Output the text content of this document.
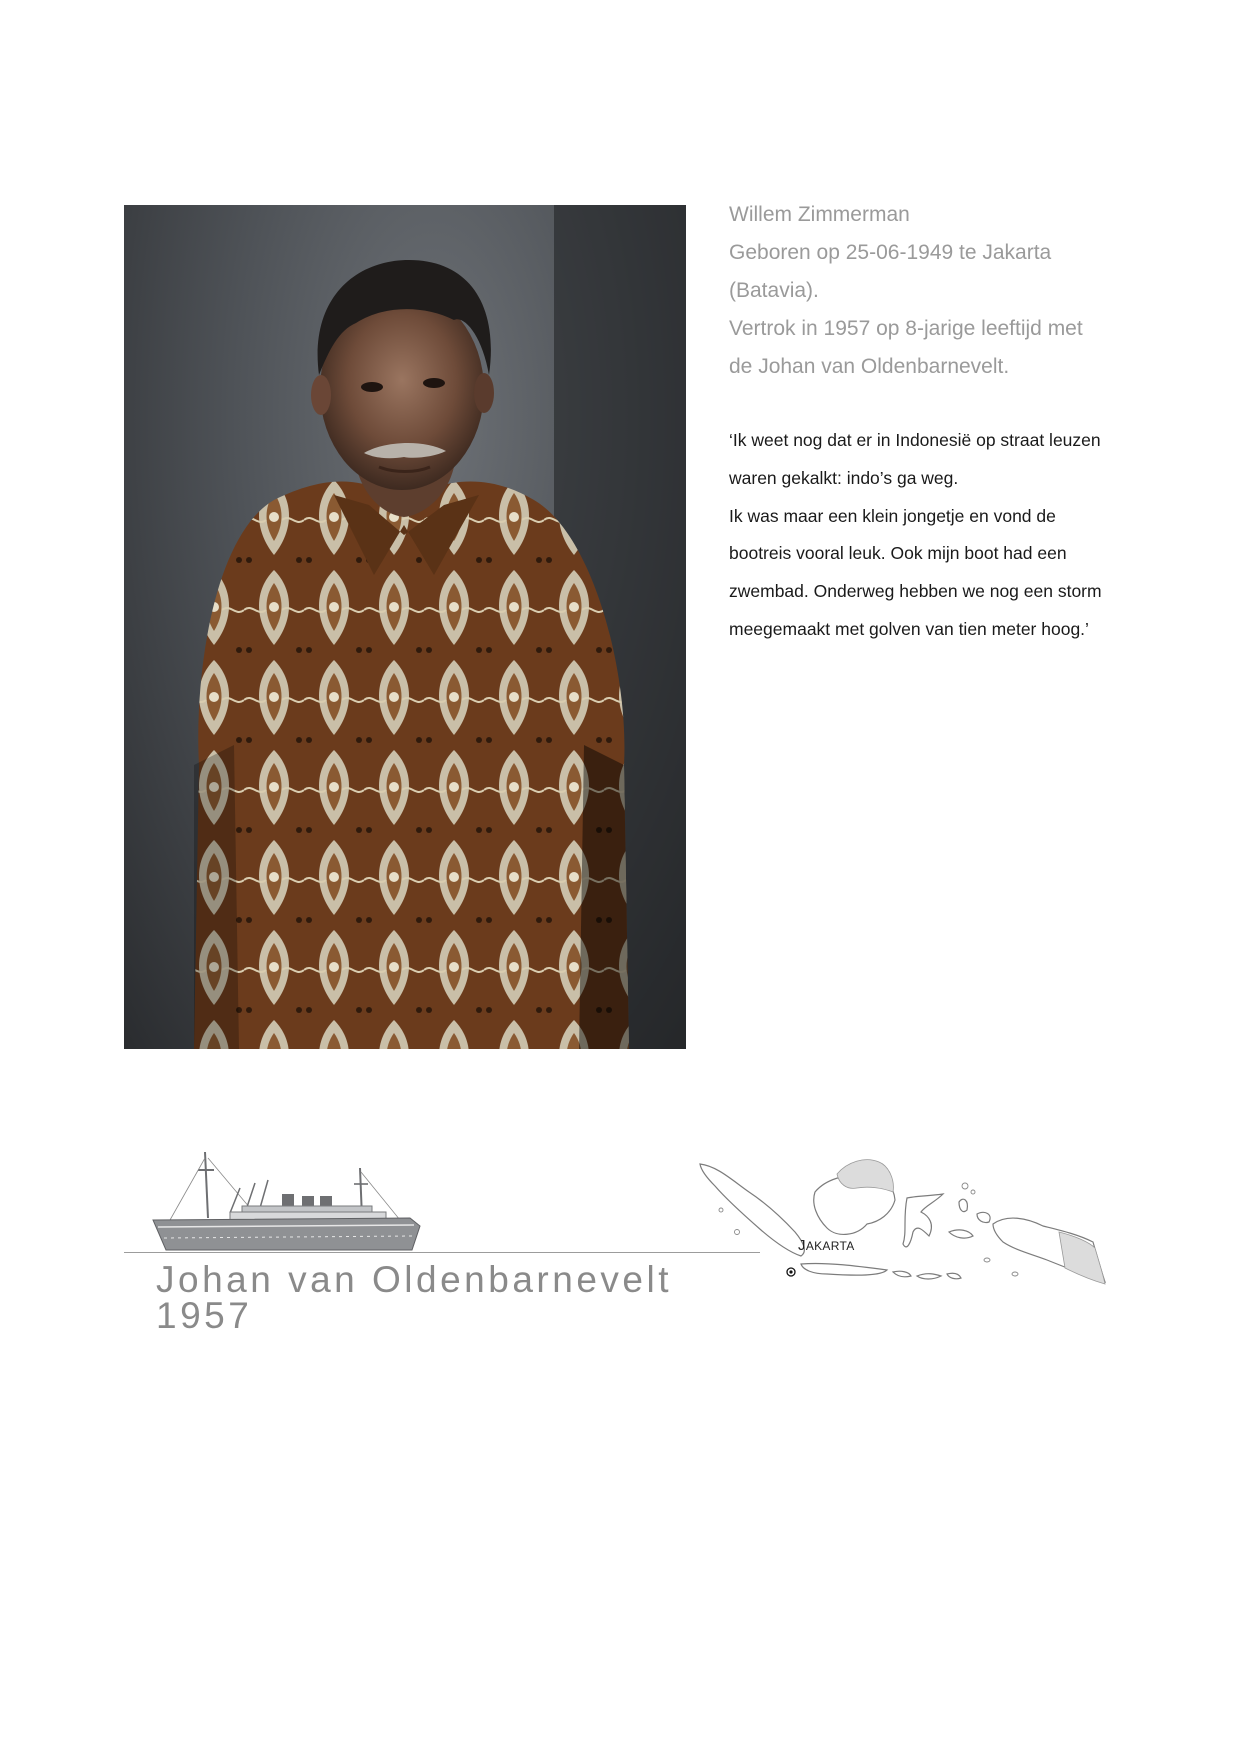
Willem Zimmerman
Geboren op 25-06-1949 te Jakarta
(Batavia).
Vertrok in 1957 op 8-jarige leeftijd met
de Johan van Oldenbarnevelt.
‘Ik weet nog dat er in Indonesië op straat leuzen
waren gekalkt: indo’s ga weg.
Ik was maar een klein jongetje en vond de
bootreis vooral leuk. Ook mijn boot had een
zwembad. Onderweg hebben we nog een storm
meegemaakt met golven van tien meter hoog.’
Johan van Oldenbarnevelt
1957
JAKARTA
